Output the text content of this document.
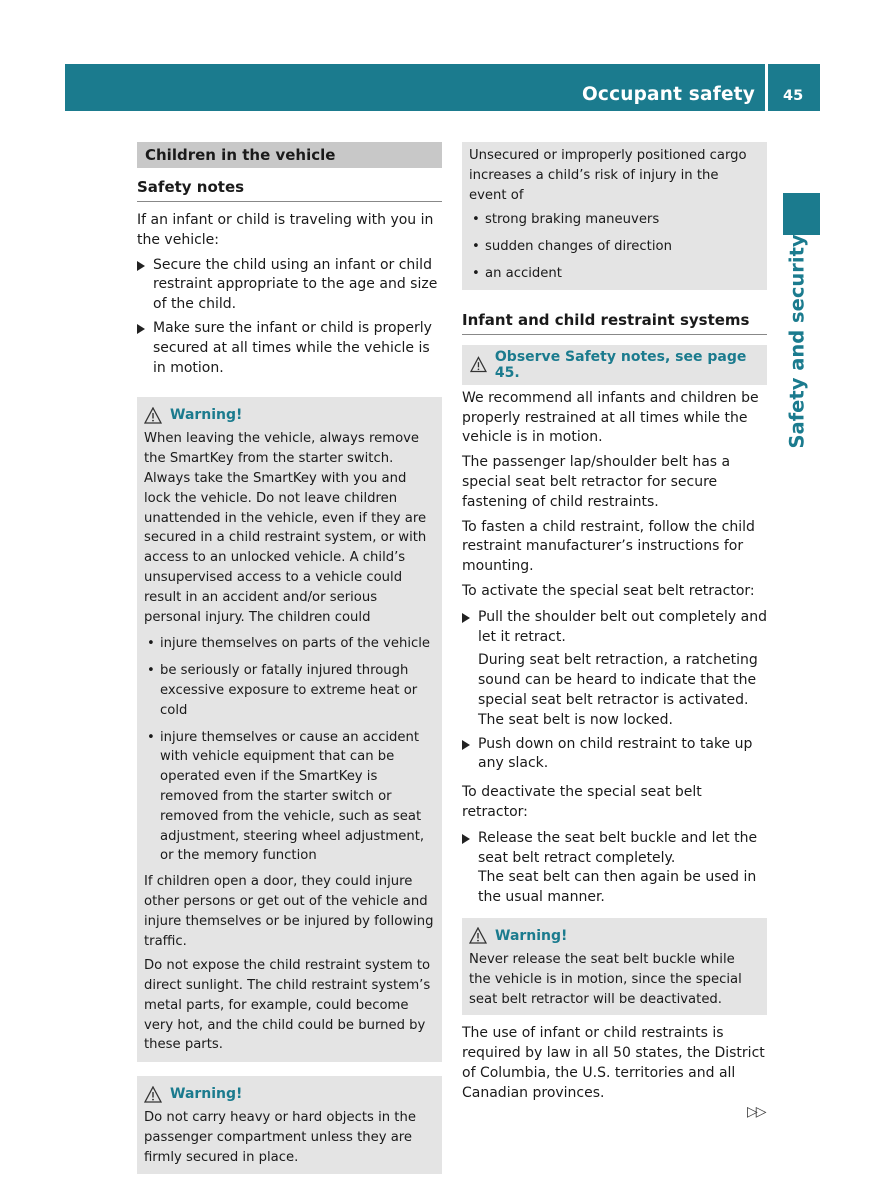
Occupant safety 45
Safety and security
Children in the vehicle
Safety notes

If an infant or child is traveling with you in the vehicle:

Secure the child using an infant or child restraint appropriate to the age and size of the child.
Make sure the infant or child is properly secured at all times while the vehicle is in motion.
Warning!

When leaving the vehicle, always remove the SmartKey from the starter switch. Always take the SmartKey with you and lock the vehicle. Do not leave children unattended in the vehicle, even if they are secured in a child restraint system, or with access to an unlocked vehicle. A child’s unsupervised access to a vehicle could result in an accident and/or serious personal injury. The children could

• injure themselves on parts of the vehicle
• be seriously or fatally injured through excessive exposure to extreme heat or cold
• injure themselves or cause an accident with vehicle equipment that can be operated even if the SmartKey is removed from the starter switch or removed from the vehicle, such as seat adjustment, steering wheel adjustment, or the memory function

If children open a door, they could injure other persons or get out of the vehicle and injure themselves or be injured by following traffic.

Do not expose the child restraint system to direct sunlight. The child restraint system’s metal parts, for example, could become very hot, and the child could be burned by these parts.

Warning!

Do not carry heavy or hard objects in the passenger compartment unless they are firmly secured in place.

Unsecured or improperly positioned cargo increases a child’s risk of injury in the event of

• strong braking maneuvers
• sudden changes of direction
• an accident
Infant and child restraint systems
Observe Safety notes, see page 45.

We recommend all infants and children be properly restrained at all times while the vehicle is in motion.

The passenger lap/shoulder belt has a special seat belt retractor for secure fastening of child restraints.

To fasten a child restraint, follow the child restraint manufacturer’s instructions for mounting.

To activate the special seat belt retractor:

Pull the shoulder belt out completely and let it retract.
During seat belt retraction, a ratcheting sound can be heard to indicate that the special seat belt retractor is activated. The seat belt is now locked.
Push down on child restraint to take up any slack.

To deactivate the special seat belt retractor:

Release the seat belt buckle and let the seat belt retract completely.
The seat belt can then again be used in the usual manner.
Warning!

Never release the seat belt buckle while the vehicle is in motion, since the special seat belt retractor will be deactivated.

The use of infant or child restraints is required by law in all 50 states, the District of Columbia, the U.S. territories and all Canadian provinces.

▷▷
